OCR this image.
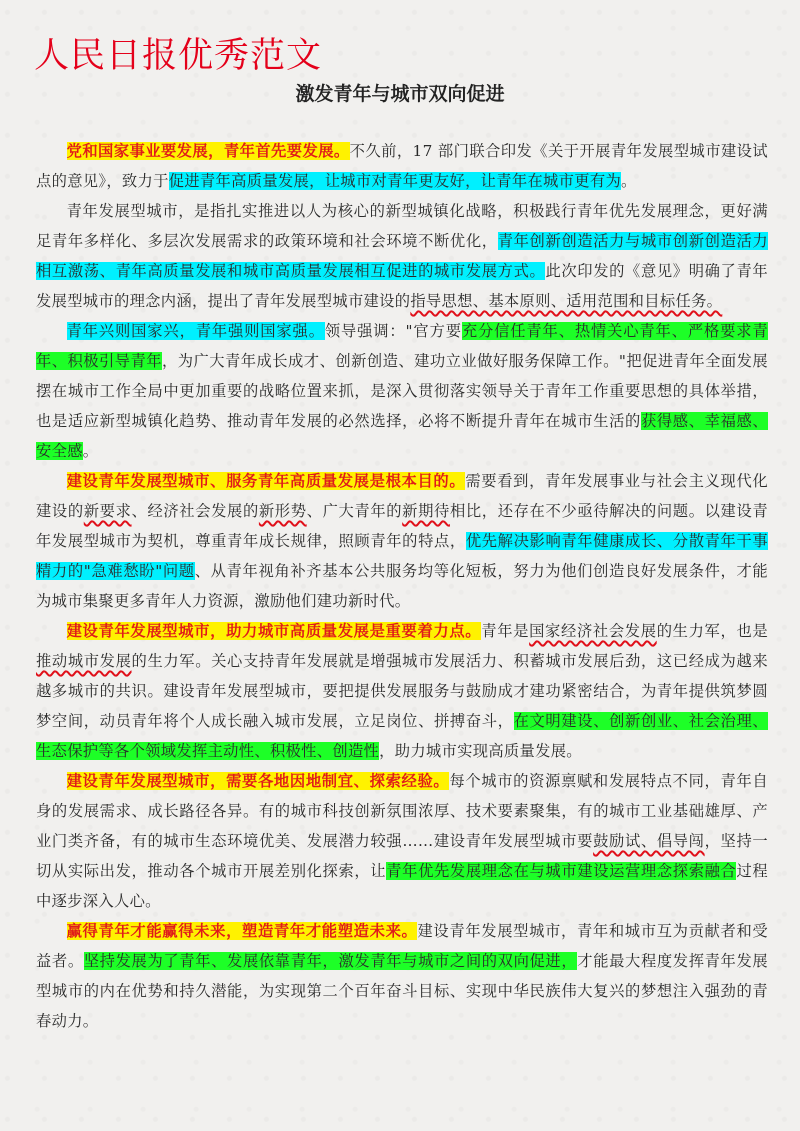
人民日报优秀范文
激发青年与城市双向促进

党和国家事业要发展，青年首先要发展。不久前，17 部门联合印发《关于开展青年发展型城市建设试点的意见》，致力于促进青年高质量发展，让城市对青年更友好，让青年在城市更有为。

青年发展型城市，是指扎实推进以人为核心的新型城镇化战略，积极践行青年优先发展理念，更好满足青年多样化、多层次发展需求的政策环境和社会环境不断优化，青年创新创造活力与城市创新创造活力相互激荡、青年高质量发展和城市高质量发展相互促进的城市发展方式。此次印发的《意见》明确了青年发展型城市的理念内涵，提出了青年发展型城市建设的指导思想、基本原则、适用范围和目标任务。

青年兴则国家兴，青年强则国家强。领导强调："官方要充分信任青年、热情关心青年、严格要求青年、积极引导青年，为广大青年成长成才、创新创造、建功立业做好服务保障工作。"把促进青年全面发展摆在城市工作全局中更加重要的战略位置来抓，是深入贯彻落实领导关于青年工作重要思想的具体举措，也是适应新型城镇化趋势、推动青年发展的必然选择，必将不断提升青年在城市生活的获得感、幸福感、安全感。

建设青年发展型城市、服务青年高质量发展是根本目的。需要看到，青年发展事业与社会主义现代化建设的新要求、经济社会发展的新形势、广大青年的新期待相比，还存在不少亟待解决的问题。以建设青年发展型城市为契机，尊重青年成长规律，照顾青年的特点，优先解决影响青年健康成长、分散青年干事精力的"急难愁盼"问题、从青年视角补齐基本公共服务均等化短板，努力为他们创造良好发展条件，才能为城市集聚更多青年人力资源，激励他们建功新时代。

建设青年发展型城市，助力城市高质量发展是重要着力点。青年是国家经济社会发展的生力军，也是推动城市发展的生力军。关心支持青年发展就是增强城市发展活力、积蓄城市发展后劲，这已经成为越来越多城市的共识。建设青年发展型城市，要把提供发展服务与鼓励成才建功紧密结合，为青年提供筑梦圆梦空间，动员青年将个人成长融入城市发展，立足岗位、拼搏奋斗，在文明建设、创新创业、社会治理、生态保护等各个领域发挥主动性、积极性、创造性，助力城市实现高质量发展。

建设青年发展型城市，需要各地因地制宜、探索经验。每个城市的资源禀赋和发展特点不同，青年自身的发展需求、成长路径各异。有的城市科技创新氛围浓厚、技术要素聚集，有的城市工业基础雄厚、产业门类齐备，有的城市生态环境优美、发展潜力较强……建设青年发展型城市要鼓励试、倡导闯，坚持一切从实际出发，推动各个城市开展差别化探索，让青年优先发展理念在与城市建设运营理念探索融合过程中逐步深入人心。

赢得青年才能赢得未来，塑造青年才能塑造未来。建设青年发展型城市，青年和城市互为贡献者和受益者。坚持发展为了青年、发展依靠青年，激发青年与城市之间的双向促进，才能最大程度发挥青年发展型城市的内在优势和持久潜能，为实现第二个百年奋斗目标、实现中华民族伟大复兴的梦想注入强劲的青春动力。
